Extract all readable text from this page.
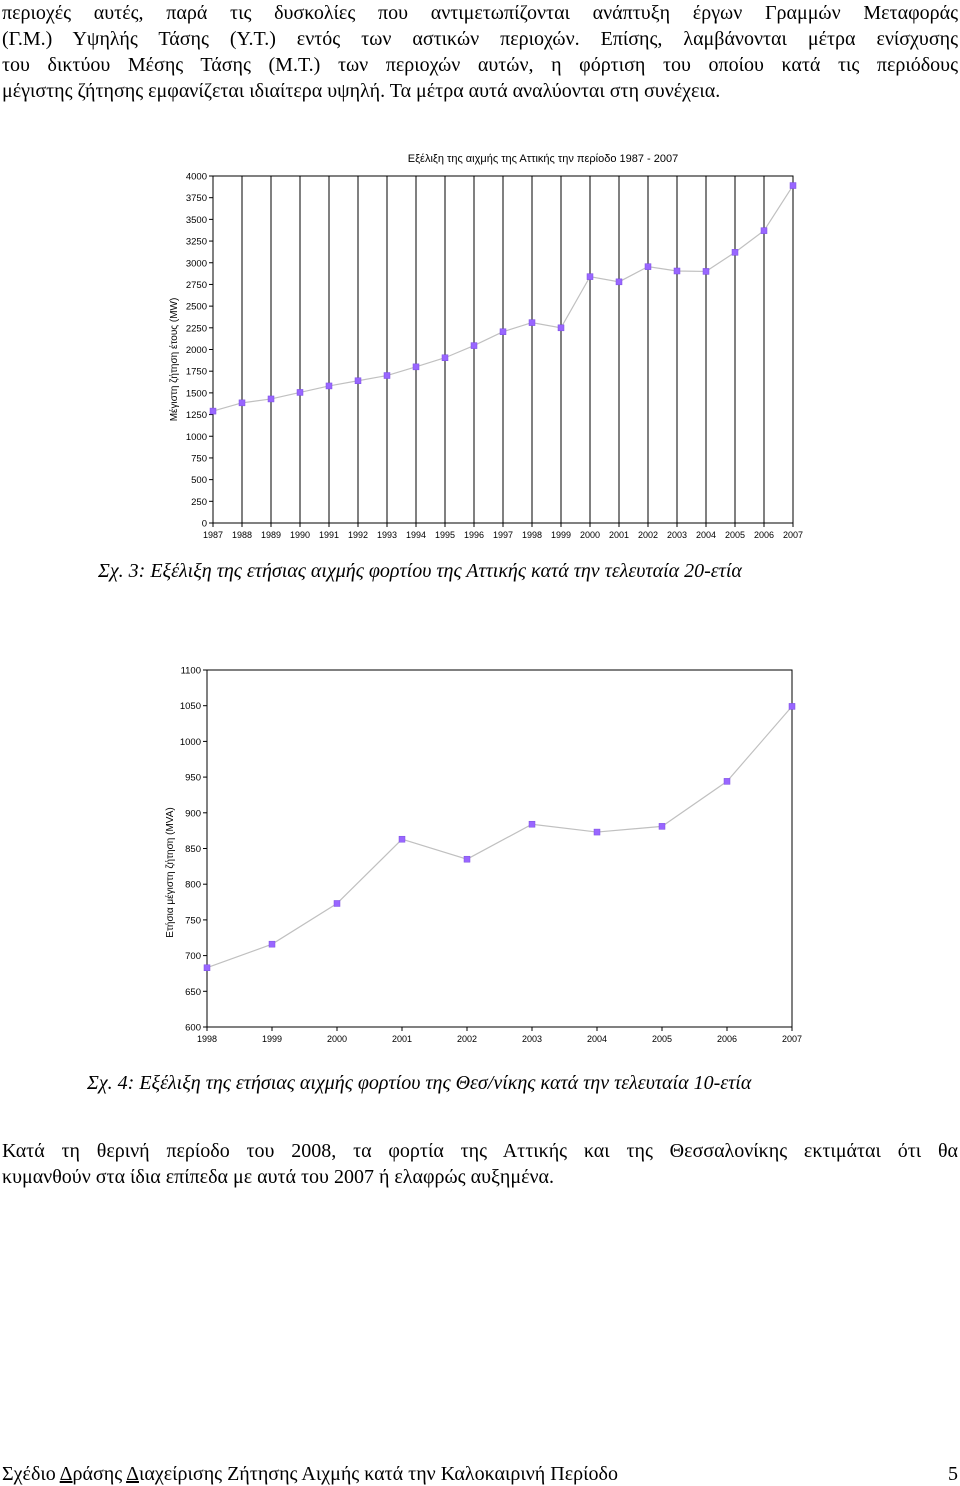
περιοχές αυτές, παρά τις δυσκολίες που αντιμετωπίζονται ανάπτυξη έργων Γραμμών Μεταφοράς
(Γ.Μ.) Υψηλής Τάσης (Υ.Τ.) εντός των αστικών περιοχών. Επίσης, λαμβάνονται μέτρα ενίσχυσης
του δικτύου Μέσης Τάσης (Μ.Τ.) των περιοχών αυτών, η φόρτιση του οποίου κατά τις περιόδους
μέγιστης ζήτησης εμφανίζεται ιδιαίτερα υψηλή. Τα μέτρα αυτά αναλύονται στη συνέχεια.
Εξέλιξη της αιχμής της Αττικής την περίοδο 1987 - 2007
0
250
500
750
1000
1250
1500
1750
2000
2250
2500
2750
3000
3250
3500
3750
4000
1987 1988 1989 1990 1991 1992 1993 1994 1995 1996 1997 1998 1999 2000 2001 2002 2003 2004 2005 2006 2007
Μέγιστη ζήτηση έτους (MW)
Σχ. 3: Εξέλιξη της ετήσιας αιχμής φορτίου της Αττικής κατά την τελευταία 20-ετία
600
650
700
750
800
850
900
950
1000
1050
1100
1998	1999	2000	2001	2002	2003	2004	2005	2006	2007
Ετήσια μέγιστη ζήτηση (MVA)
Σχ. 4: Εξέλιξη της ετήσιας αιχμής φορτίου της Θεσ/νίκης κατά την τελευταία 10-ετία
Κατά τη θερινή περίοδο του 2008, τα φορτία της Αττικής και της Θεσσαλονίκης εκτιμάται ότι θα
κυμανθούν στα ίδια επίπεδα με αυτά του 2007 ή ελαφρώς αυξημένα.
Σχέδιο Δράσης Διαχείρισης Ζήτησης Αιχμής κατά την Καλοκαιρινή Περίοδο	5
